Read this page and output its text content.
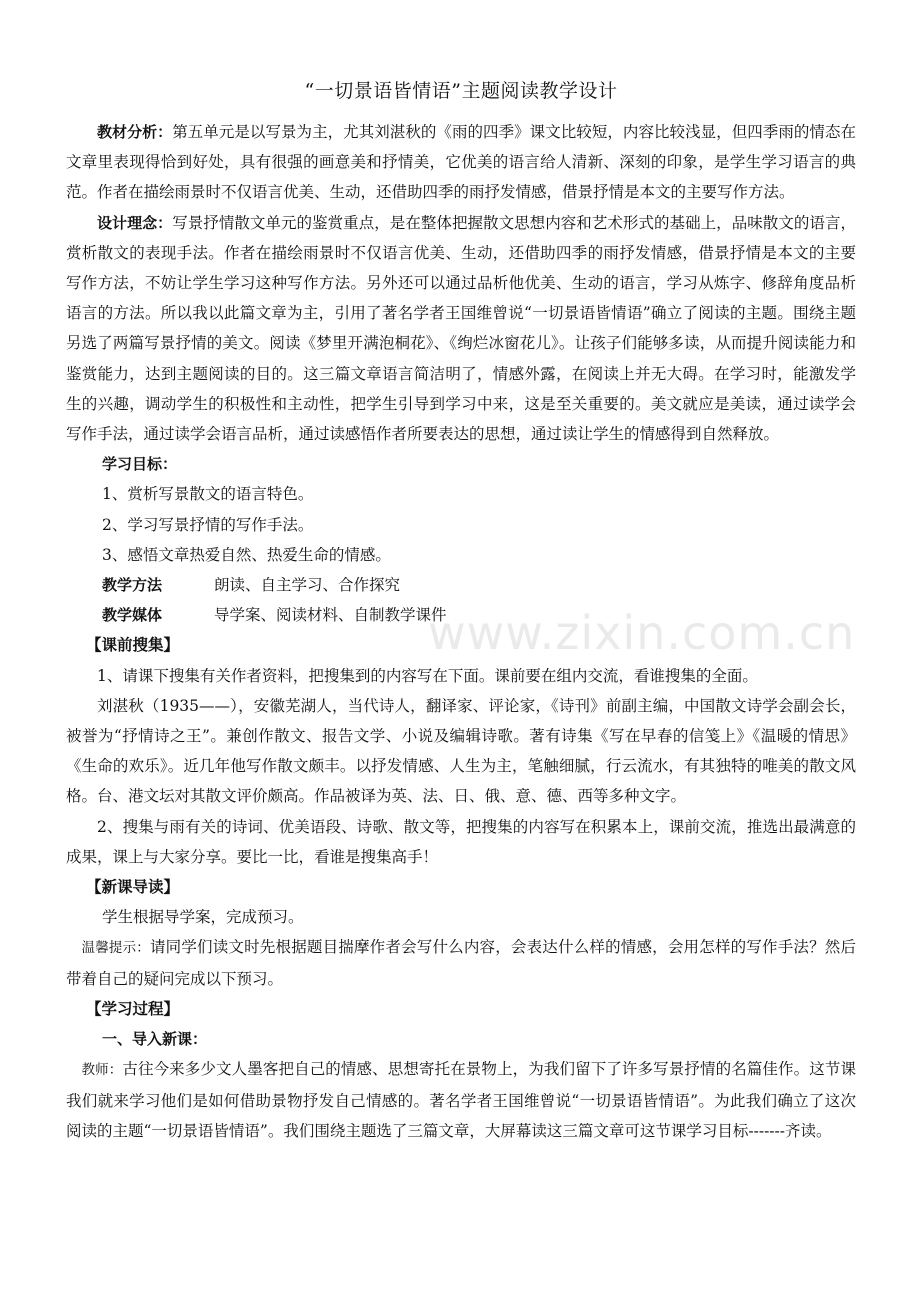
www.zixin.com.cn
“一切景语皆情语”主题阅读教学设计

教材分析：第五单元是以写景为主，尤其刘湛秋的《雨的四季》课文比较短，内容比较浅显，但四季雨的情态在文章里表现得恰到好处，具有很强的画意美和抒情美，它优美的语言给人清新、深刻的印象，是学生学习语言的典范。作者在描绘雨景时不仅语言优美、生动，还借助四季的雨抒发情感，借景抒情是本文的主要写作方法。

设计理念：写景抒情散文单元的鉴赏重点，是在整体把握散文思想内容和艺术形式的基础上，品味散文的语言，赏析散文的表现手法。作者在描绘雨景时不仅语言优美、生动，还借助四季的雨抒发情感，借景抒情是本文的主要写作方法，不妨让学生学习这种写作方法。另外还可以通过品析他优美、生动的语言，学习从炼字、修辞角度品析语言的方法。所以我以此篇文章为主，引用了著名学者王国维曾说“一切景语皆情语”确立了阅读的主题。围绕主题另选了两篇写景抒情的美文。阅读《梦里开满泡桐花》、《绚烂冰窗花儿》。让孩子们能够多读，从而提升阅读能力和鉴赏能力，达到主题阅读的目的。这三篇文章语言简洁明了，情感外露，在阅读上并无大碍。在学习时，能激发学生的兴趣，调动学生的积极性和主动性，把学生引导到学习中来，这是至关重要的。美文就应是美读，通过读学会写作手法，通过读学会语言品析，通过读感悟作者所要表达的思想，通过读让学生的情感得到自然释放。

学习目标：

1、赏析写景散文的语言特色。

2、学习写景抒情的写作手法。

3、感悟文章热爱自然、热爱生命的情感。

教学方法	朗读、自主学习、合作探究
教学媒体	导学案、阅读材料、自制教学课件
【课前搜集】

1、请课下搜集有关作者资料，把搜集到的内容写在下面。课前要在组内交流，看谁搜集的全面。

刘湛秋（1935——），安徽芜湖人，当代诗人，翻译家、评论家，《诗刊》前副主编，中国散文诗学会副会长，被誉为“抒情诗之王”。兼创作散文、报告文学、小说及编辑诗歌。著有诗集《写在早春的信笺上》《温暖的情思》《生命的欢乐》。近几年他写作散文颇丰。以抒发情感、人生为主，笔触细腻，行云流水，有其独特的唯美的散文风格。台、港文坛对其散文评价颇高。作品被译为英、法、日、俄、意、德、西等多种文字。

2、搜集与雨有关的诗词、优美语段、诗歌、散文等，把搜集的内容写在积累本上，课前交流，推选出最满意的成果，课上与大家分享。要比一比，看谁是搜集高手！

【新课导读】

学生根据导学案，完成预习。

温馨提示：请同学们读文时先根据题目揣摩作者会写什么内容，会表达什么样的情感，会用怎样的写作手法？然后带着自己的疑问完成以下预习。

【学习过程】

一、导入新课：

教师：古往今来多少文人墨客把自己的情感、思想寄托在景物上，为我们留下了许多写景抒情的名篇佳作。这节课我们就来学习他们是如何借助景物抒发自己情感的。著名学者王国维曾说“一切景语皆情语”。为此我们确立了这次阅读的主题“一切景语皆情语”。我们围绕主题选了三篇文章，大屏幕读这三篇文章可这节课学习目标-------齐读。
